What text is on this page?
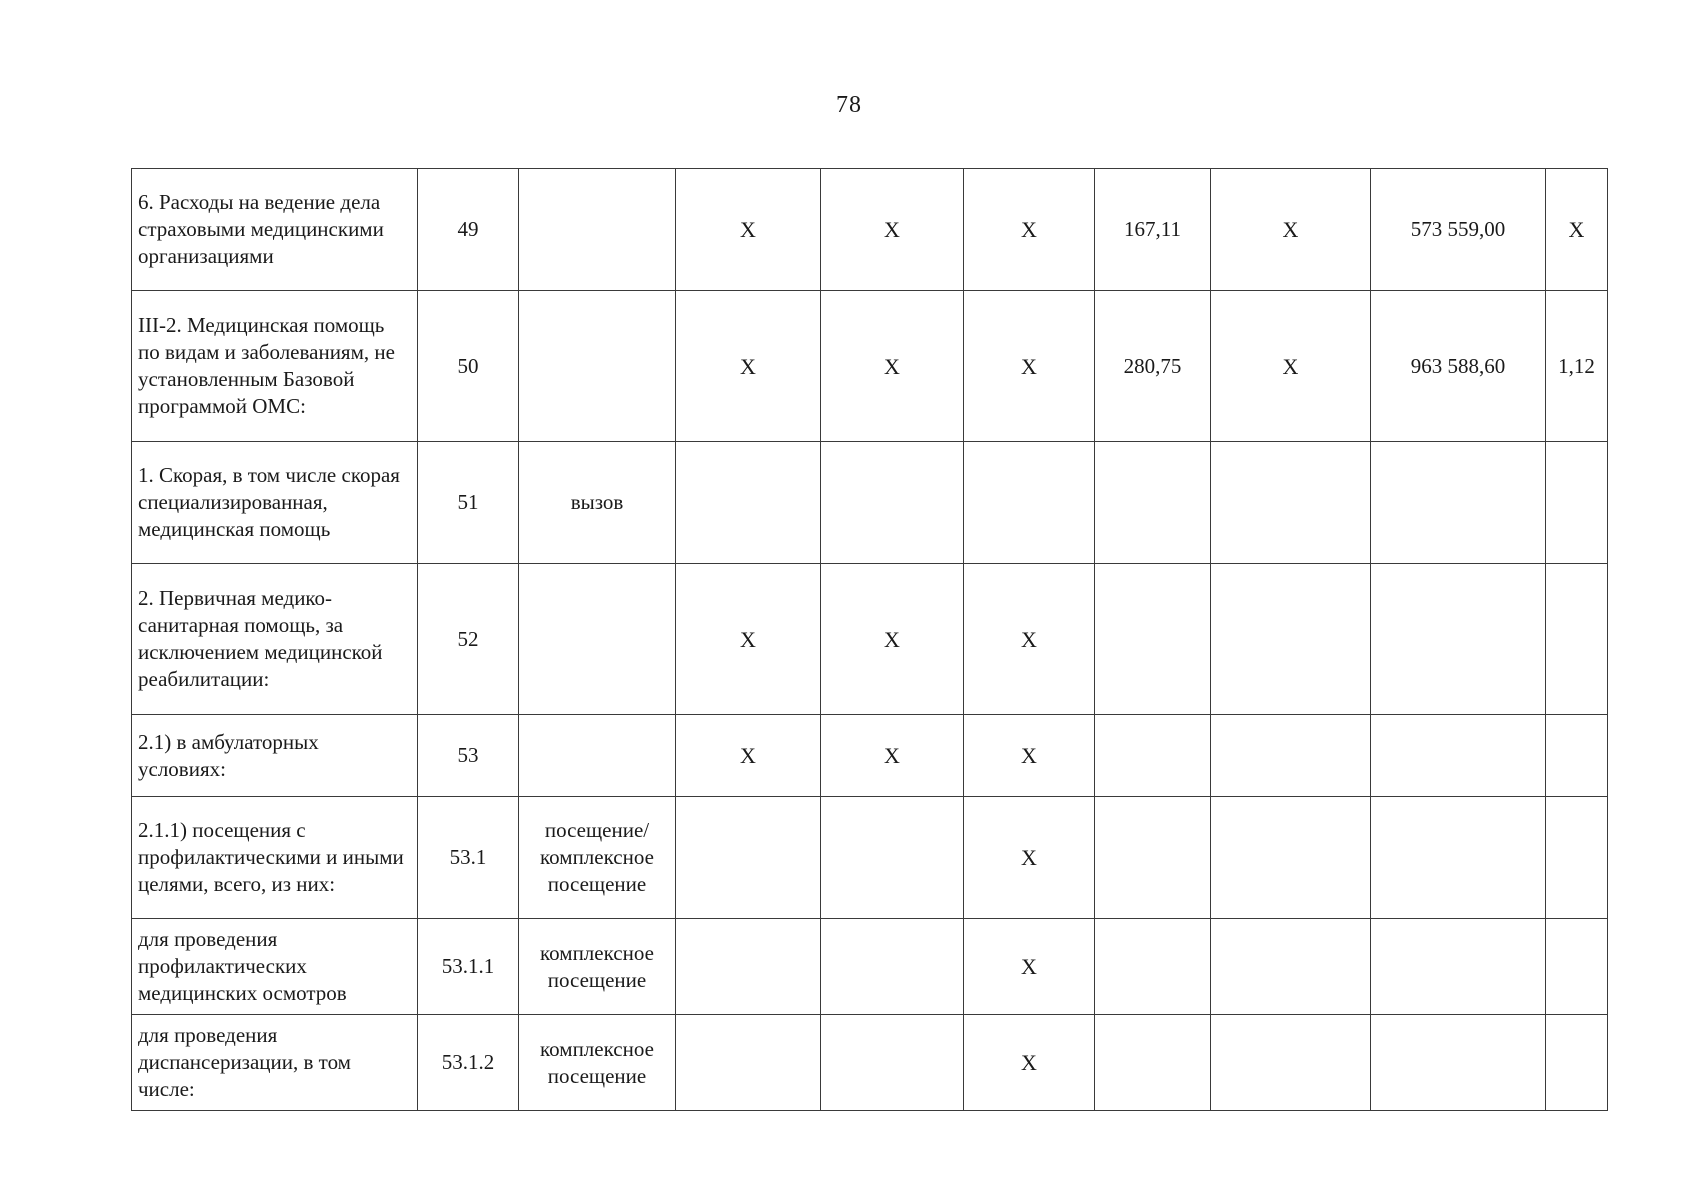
78
6. Расходы на ведение дела страховыми медицинскими организациями	49		Х	Х	Х	167,11	Х	573 559,00	Х
III-2. Медицинская помощь по видам и заболеваниям, не установленным Базовой программой ОМС:	50		Х	Х	Х	280,75	Х	963 588,60	1,12
1. Скорая, в том числе скорая специализированная, медицинская помощь	51	вызов							
2. Первичная медико-санитарная помощь, за исключением медицинской реабилитации:	52		Х	Х	Х				
2.1) в амбулаторных условиях:	53		Х	Х	Х				
2.1.1) посещения с профилактическими и иными целями, всего, из них:	53.1	посещение/ комплексное посещение			Х				
для проведения профилактических медицинских осмотров	53.1.1	комплексное посещение			Х				
для проведения диспансеризации, в том числе:	53.1.2	комплексное посещение			Х				
